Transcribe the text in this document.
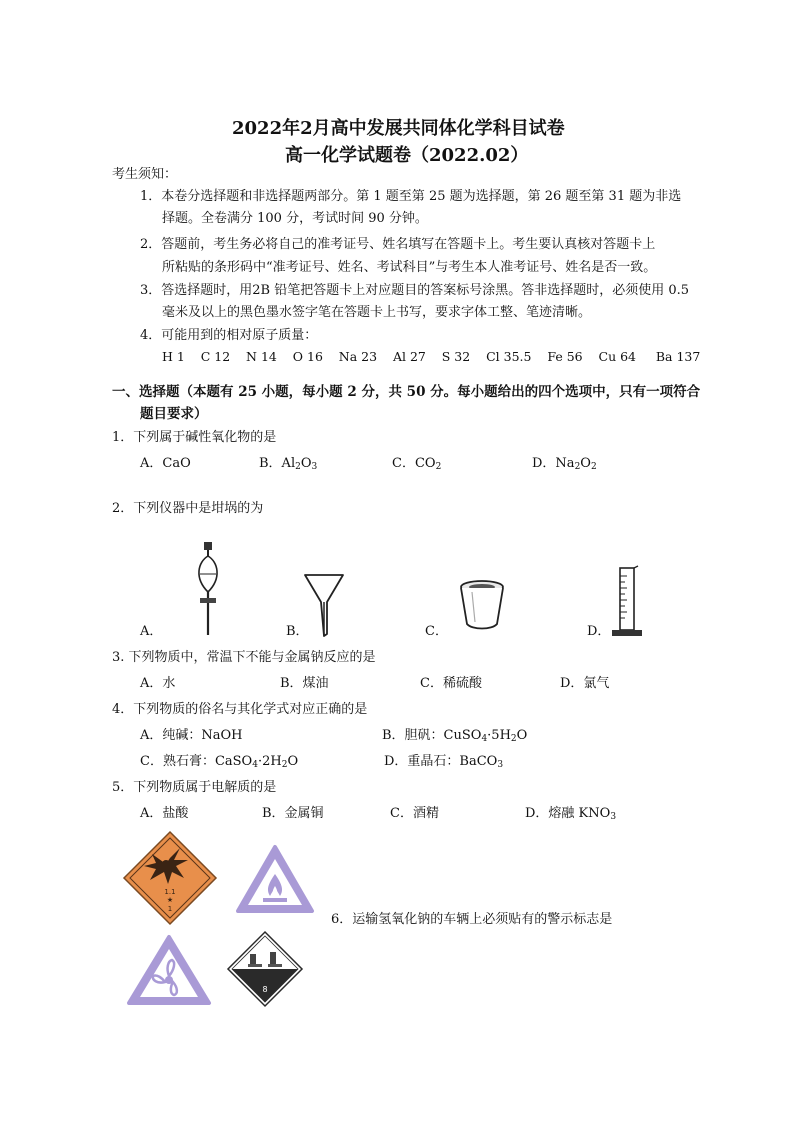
2022年2月高中发展共同体化学科目试卷
高一化学试题卷（2022.02）
考生须知：
1．本卷分选择题和非选择题两部分。第 1 题至第 25 题为选择题，第 26 题至第 31 题为非选
择题。全卷满分 100 分，考试时间 90 分钟。
2．答题前，考生务必将自己的准考证号、姓名填写在答题卡上。考生要认真核对答题卡上
所粘贴的条形码中“准考证号、姓名、考试科目”与考生本人准考证号、姓名是否一致。
3．答选择题时，用2B 铅笔把答题卡上对应题目的答案标号涂黑。答非选择题时，必须使用 0.5
毫米及以上的黑色墨水签字笔在答题卡上书写，要求字体工整、笔迹清晰。
4．可能用到的相对原子质量：
H 1    C 12    N 14    O 16    Na 23    Al 27    S 32    Cl 35.5    Fe 56    Cu 64     Ba 137
一、选择题（本题有 25 小题，每小题 2 分，共 50 分。每小题给出的四个选项中，只有一项符合
题目要求）
1．下列属于碱性氧化物的是
A．CaO	B．$Al_2O_3$	C．$CO_2$	D．$Na_2O_2$
2．下列仪器中是坩埚的为
A．	B．	C．	D．
3. 下列物质中，常温下不能与金属钠反应的是
A．水	B．煤油	C．稀硫酸	D．氯气
4．下列物质的俗名与其化学式对应正确的是
A．纯碱：NaOH	B．胆矾：$CuSO_4\cdot 5H_2O$
C．熟石膏：$CaSO_4\cdot 2H_2O$	D．重晶石：BaCO$_3$
5．下列物质属于电解质的是
A．盐酸	B．金属铜	C．酒精	D．熔融 $KNO_3$
1.1
★
1
6．运输氢氧化钠的车辆上必须贴有的警示标志是
8
